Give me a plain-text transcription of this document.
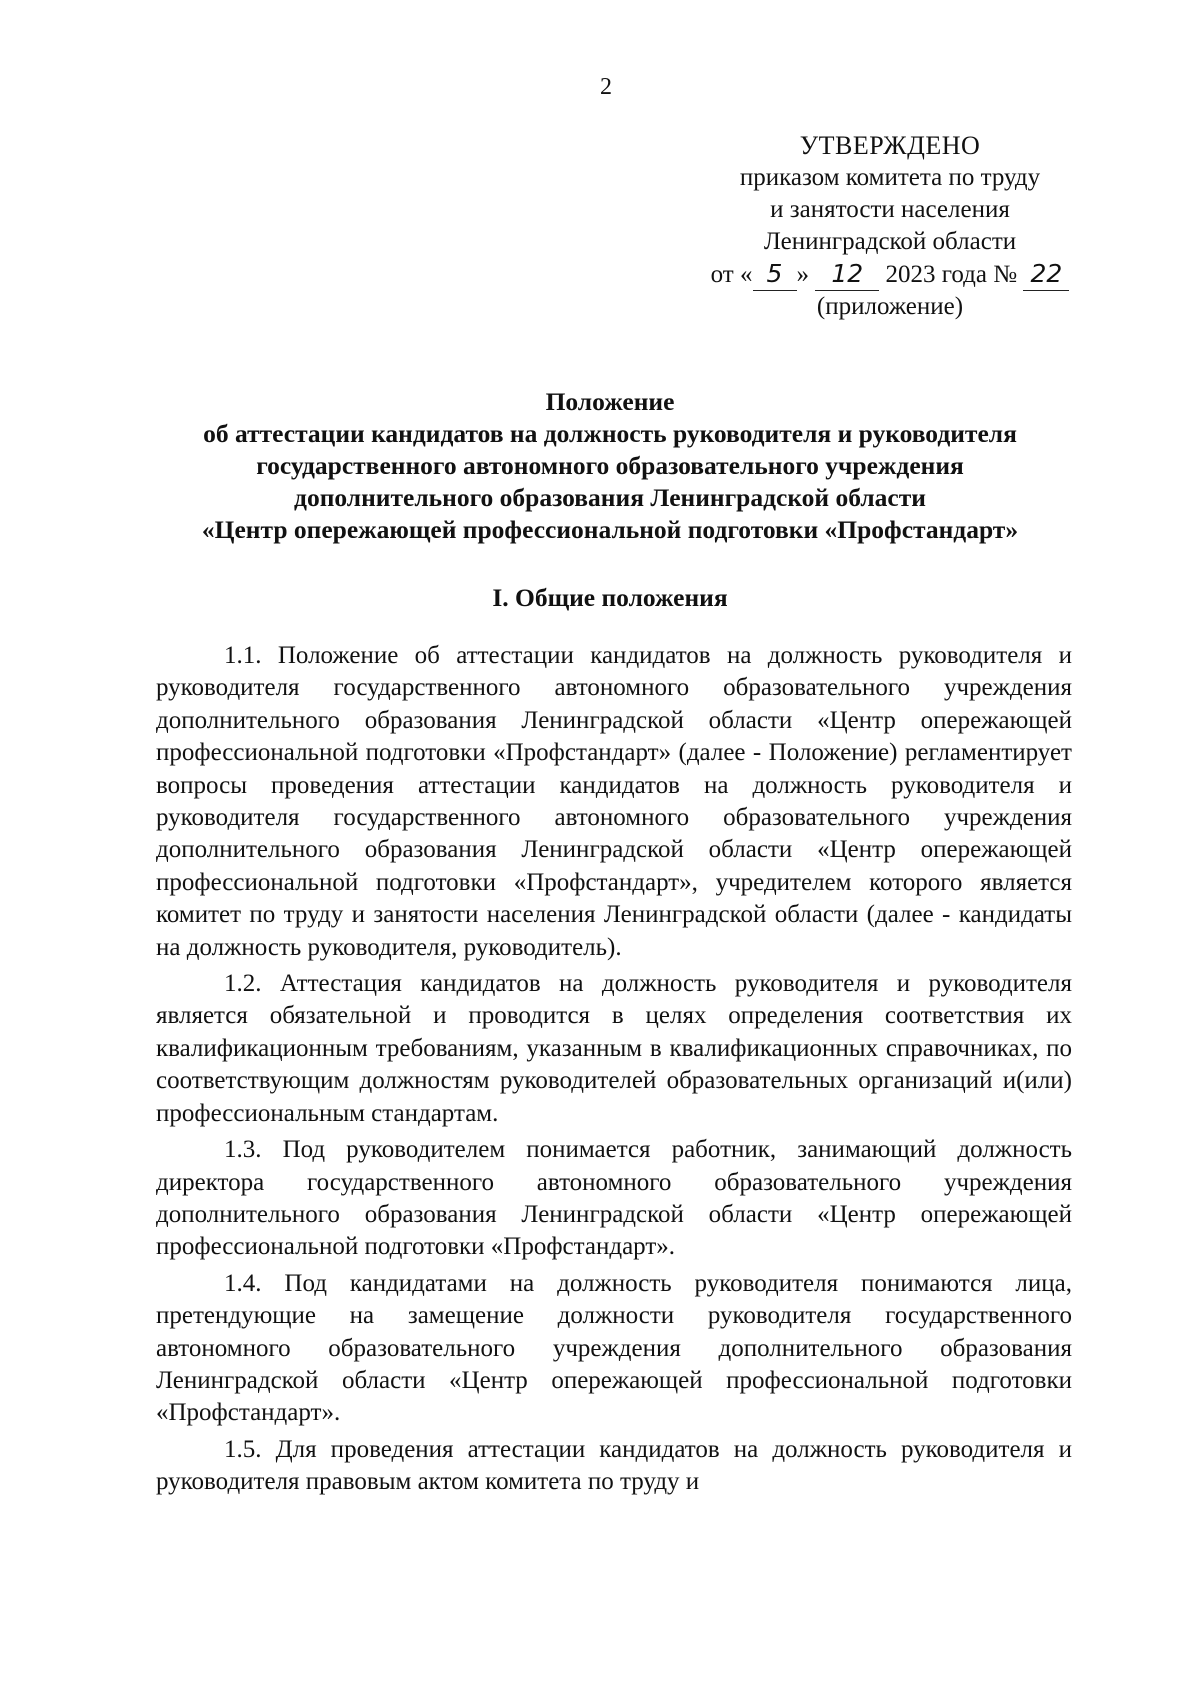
2
УТВЕРЖДЕНО
приказом комитета по труду
и занятости населения
Ленинградской области
от « 5 » 12 2023 года № 22
(приложение)
Положение
об аттестации кандидатов на должность руководителя и руководителя
государственного автономного образовательного учреждения
дополнительного образования Ленинградской области
«Центр опережающей профессиональной подготовки «Профстандарт»
I. Общие положения

1.1. Положение об аттестации кандидатов на должность руководителя и руководителя государственного автономного образовательного учреждения дополнительного образования Ленинградской области «Центр опережающей профессиональной подготовки «Профстандарт» (далее - Положение) регламентирует вопросы проведения аттестации кандидатов на должность руководителя и руководителя государственного автономного образовательного учреждения дополнительного образования Ленинградской области «Центр опережающей профессиональной подготовки «Профстандарт», учредителем которого является комитет по труду и занятости населения Ленинградской области (далее - кандидаты на должность руководителя, руководитель).

1.2. Аттестация кандидатов на должность руководителя и руководителя является обязательной и проводится в целях определения соответствия их квалификационным требованиям, указанным в квалификационных справочниках, по соответствующим должностям руководителей образовательных организаций и(или) профессиональным стандартам.

1.3. Под руководителем понимается работник, занимающий должность директора государственного автономного образовательного учреждения дополнительного образования Ленинградской области «Центр опережающей профессиональной подготовки «Профстандарт».

1.4. Под кандидатами на должность руководителя понимаются лица, претендующие на замещение должности руководителя государственного автономного образовательного учреждения дополнительного образования Ленинградской области «Центр опережающей профессиональной подготовки «Профстандарт».

1.5. Для проведения аттестации кандидатов на должность руководителя и руководителя правовым актом комитета по труду и
